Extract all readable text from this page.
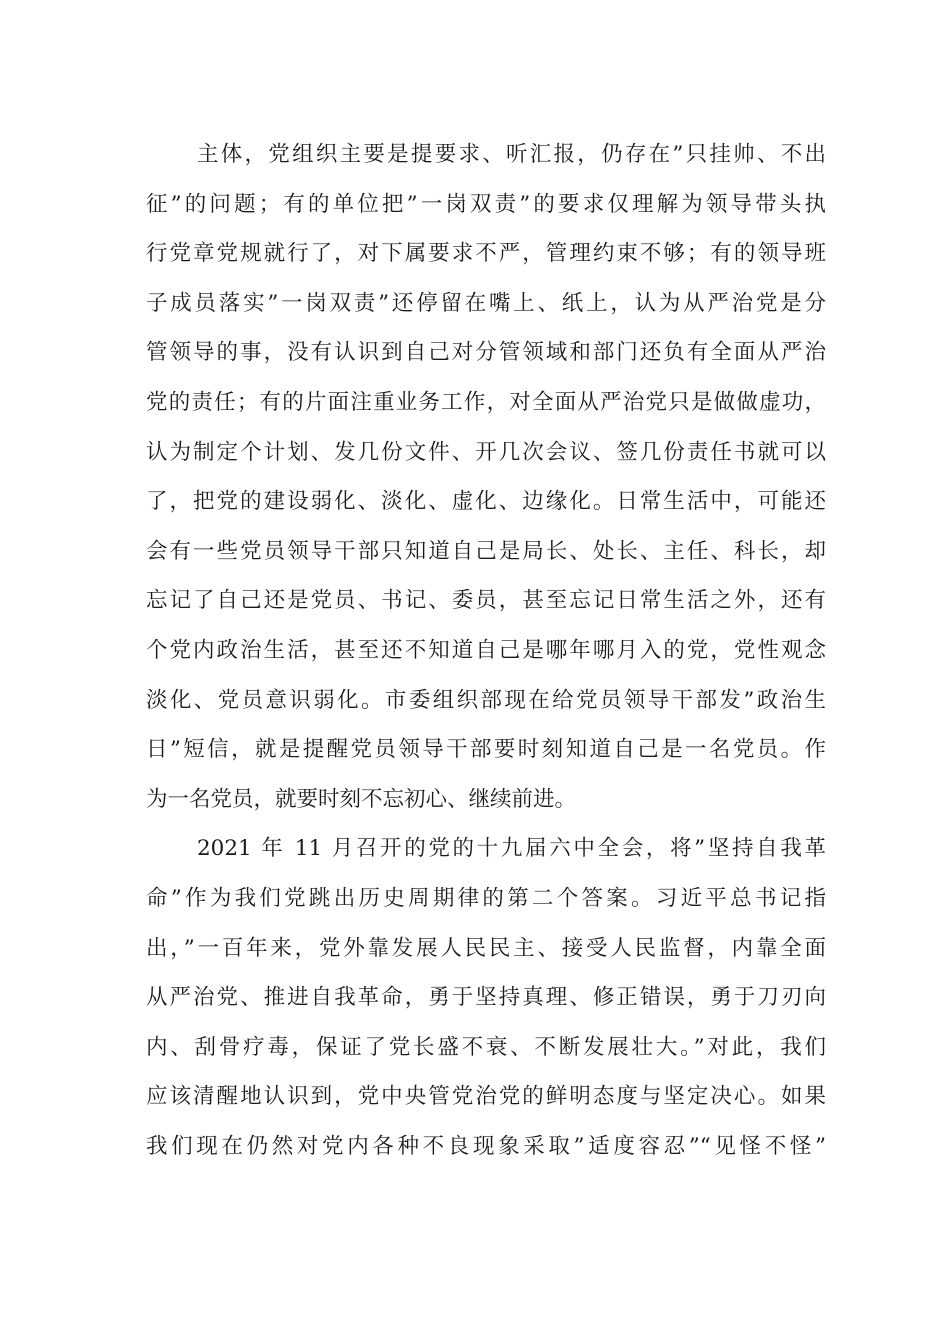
主体，党组织主要是提要求、听汇报，仍存在”只挂帅、不出
征”的问题；有的单位把”一岗双责”的要求仅理解为领导带头执
行党章党规就行了，对下属要求不严，管理约束不够；有的领导班
子成员落实”一岗双责”还停留在嘴上、纸上，认为从严治党是分
管领导的事，没有认识到自己对分管领域和部门还负有全面从严治
党的责任；有的片面注重业务工作，对全面从严治党只是做做虚功，
认为制定个计划、发几份文件、开几次会议、签几份责任书就可以
了，把党的建设弱化、淡化、虚化、边缘化。日常生活中，可能还
会有一些党员领导干部只知道自己是局长、处长、主任、科长，却
忘记了自己还是党员、书记、委员，甚至忘记日常生活之外，还有
个党内政治生活，甚至还不知道自己是哪年哪月入的党，党性观念
淡化、党员意识弱化。市委组织部现在给党员领导干部发”政治生
日”短信，就是提醒党员领导干部要时刻知道自己是一名党员。作
为一名党员，就要时刻不忘初心、继续前进。
2021 年 11 月召开的党的十九届六中全会，将”坚持自我革
命”作为我们党跳出历史周期律的第二个答案。习近平总书记指
出，”一百年来，党外靠发展人民民主、接受人民监督，内靠全面
从严治党、推进自我革命，勇于坚持真理、修正错误，勇于刀刃向
内、刮骨疗毒，保证了党长盛不衰、不断发展壮大。”对此，我们
应该清醒地认识到，党中央管党治党的鲜明态度与坚定决心。如果
我们现在仍然对党内各种不良现象采取”适度容忍”“见怪不怪”
